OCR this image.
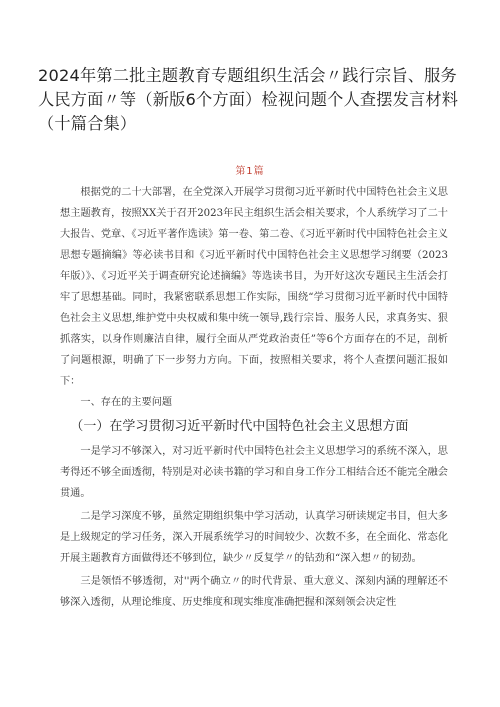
2024年第二批主题教育专题组织生活会〃践行宗旨、服务人民方面〃等（新版6个方面）检视问题个人查摆发言材料（十篇合集）
第1篇

根据党的二十大部署，在全党深入开展学习贯彻习近平新时代中国特色社会主义思想主题教育，按照XX关于召开2023年民主组织生活会相关要求，个人系统学习了二十大报告、党章、《习近平著作选读》第一卷、第二卷、《习近平新时代中国特色社会主义思想专题摘编》等必读书目和《习近平新时代中国特色社会主义思想学习纲要（2023年版）》、《习近平关于调查研究论述摘编》等选读书目，为开好这次专题民主生活会打牢了思想基础。同时，我紧密联系思想工作实际，围绕“学习贯彻习近平新时代中国特色社会主义思想,维护党中央权威和集中统一领导,践行宗旨、服务人民，求真务实、狠抓落实，以身作则廉洁自律，履行全面从严党政治责任”等6个方面存在的不足，剖析了问题根源，明确了下一步努力方向。下面，按照相关要求，将个人查摆问题汇报如下：

一、存在的主要问题

（一）在学习贯彻习近平新时代中国特色社会主义思想方面

一是学习不够深入，对习近平新时代中国特色社会主义思想学习的系统不深入，思考得还不够全面透彻，特别是对必读书籍的学习和自身工作分工相结合还不能完全融会贯通。

二是学习深度不够，虽然定期组织集中学习活动，认真学习研读规定书目，但大多是上级规定的学习任务，深入开展系统学习的时间较少、次数不多，在全面化、常态化开展主题教育方面做得还不够到位，缺少〃反复学〃的钻劲和“深入想〃的韧劲。

三是领悟不够透彻，对''两个确立〃的时代背景、重大意义、深刻内涵的理解还不够深入透彻，从理论维度、历史维度和现实维度准确把握和深刻领会决定性
